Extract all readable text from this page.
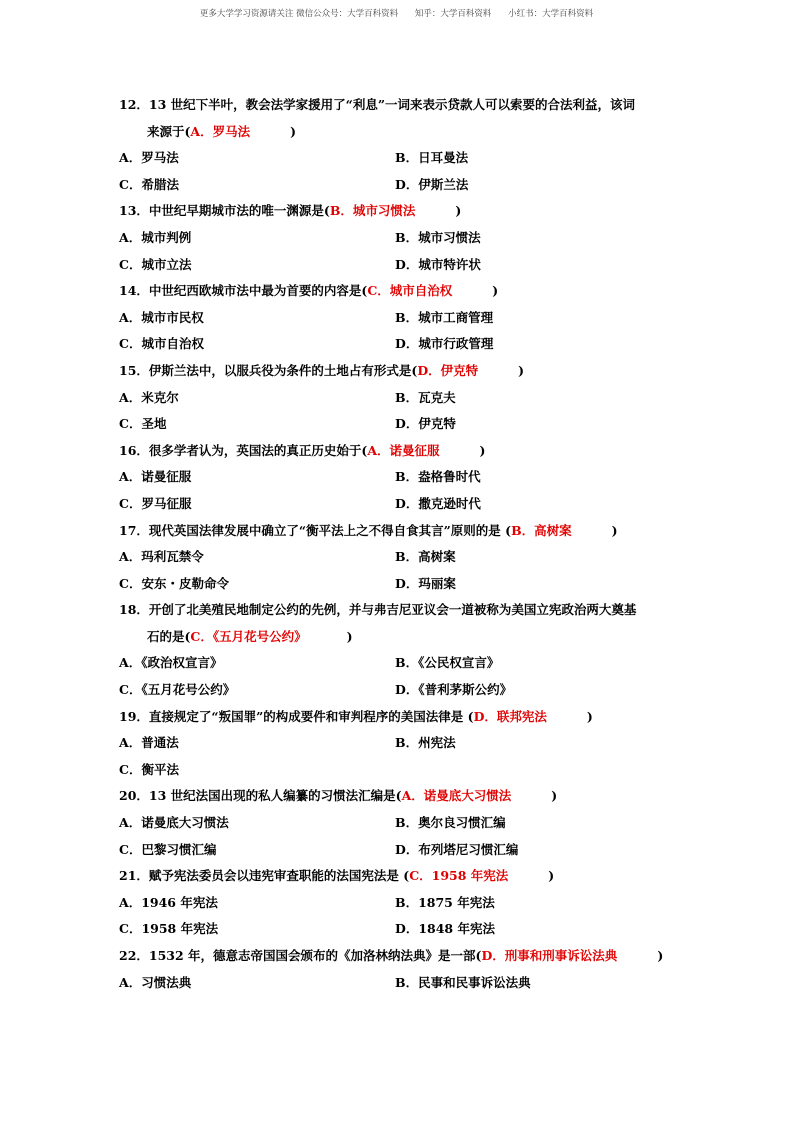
更多大学学习资源请关注 微信公众号：大学百科资料 知乎：大学百科资料 小红书：大学百科资料
12．13 世纪下半叶，教会法学家援用了“利息”一词来表示贷款人可以索要的合法利益，该词
来源于(A．罗马法	)
A．罗马法	B．日耳曼法
C．希腊法	D．伊斯兰法
13．中世纪早期城市法的唯一渊源是(B．城市习惯法	)
A．城市判例	B．城市习惯法
C．城市立法	D．城市特许状
14．中世纪西欧城市法中最为首要的内容是(C．城市自治权	)
A．城市市民权	B．城市工商管理
C．城市自治权	D．城市行政管理
15．伊斯兰法中，以服兵役为条件的土地占有形式是(D．伊克特	)
A．米克尔	B．瓦克夫
C．圣地	D．伊克特
16．很多学者认为，英国法的真正历史始于(A．诺曼征服	)
A．诺曼征服	B．盎格鲁时代
C．罗马征服	D．撒克逊时代
17．现代英国法律发展中确立了“衡平法上之不得自食其言”原则的是 (B．高树案	)
A．玛利瓦禁令	B．高树案
C．安东・皮勒命令	D．玛丽案
18．开创了北美殖民地制定公约的先例，并与弗吉尼亚议会一道被称为美国立宪政治两大奠基
石的是(C．《五月花号公约》	)
A．《政治权宣言》	B．《公民权宣言》
C．《五月花号公约》	D．《普利茅斯公约》
19．直接规定了“叛国罪”的构成要件和审判程序的美国法律是 (D．联邦宪法	)
A．普通法	B．州宪法
C．衡平法
20．13 世纪法国出现的私人编纂的习惯法汇编是(A．诺曼底大习惯法	)
A．诺曼底大习惯法	B．奥尔良习惯汇编
C．巴黎习惯汇编	D．布列塔尼习惯汇编
21．赋予宪法委员会以违宪审查职能的法国宪法是 (C．1958 年宪法	)
A．1946 年宪法	B．1875 年宪法
C．1958 年宪法	D．1848 年宪法
22．1532 年，德意志帝国国会颁布的《加洛林纳法典》是一部(D．刑事和刑事诉讼法典	)
A．习惯法典	B．民事和民事诉讼法典
